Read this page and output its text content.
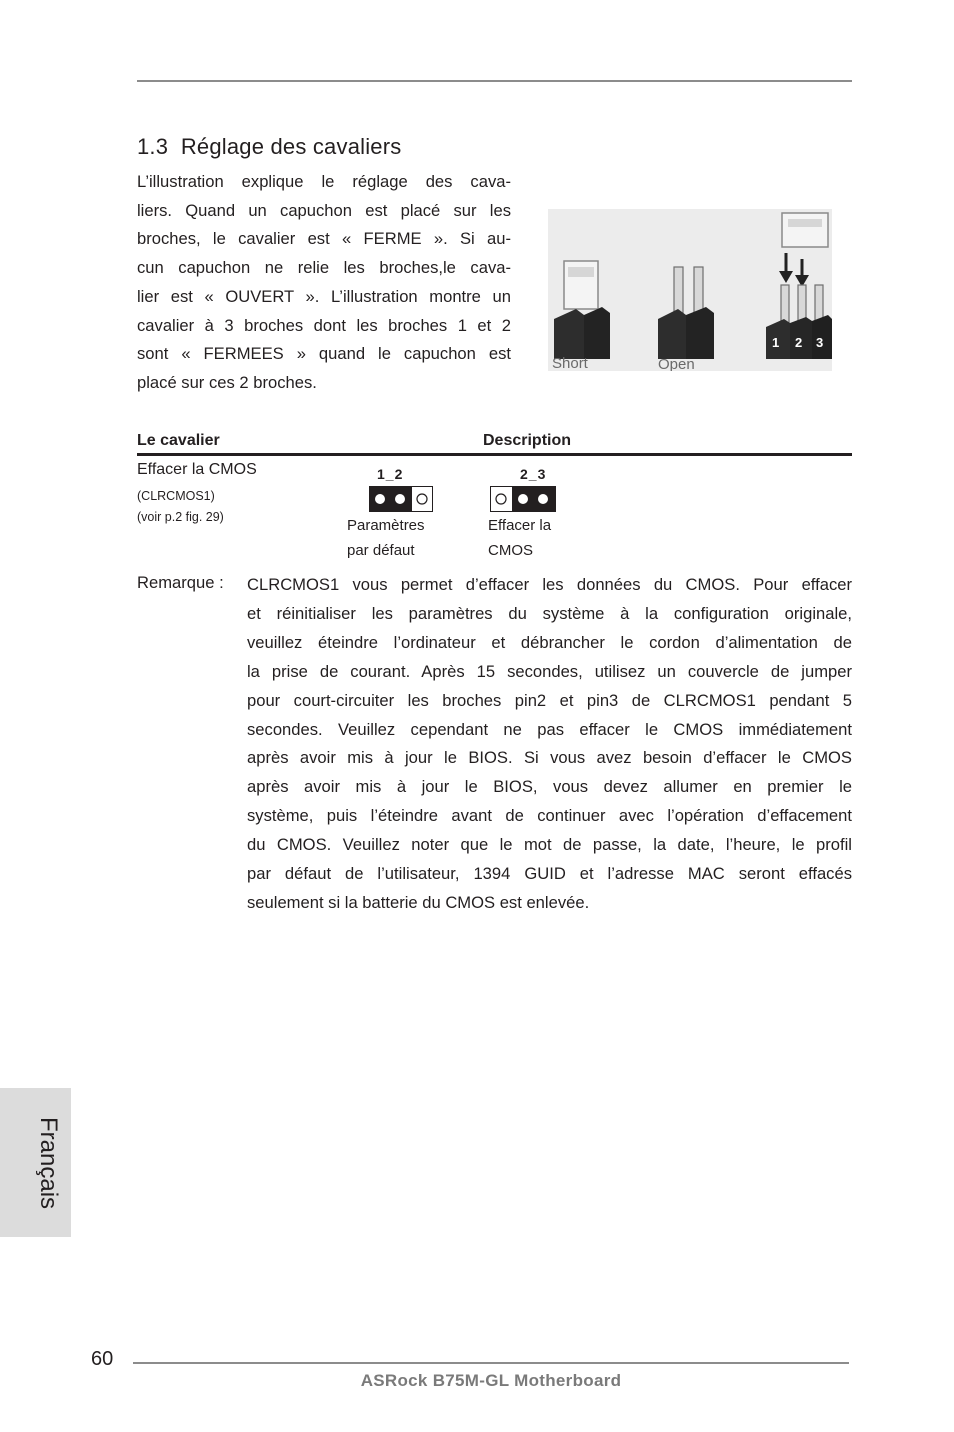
1.3 Réglage des cavaliers
L’illustration explique le réglage des cava-
liers. Quand un capuchon est placé sur les
broches, le cavalier est « FERME ». Si au-
cun capuchon ne relie les broches,le cava-
lier est « OUVERT ». L’illustration montre un
cavalier à 3 broches dont les broches 1 et 2
sont « FERMEES » quand le capuchon est
placé sur ces 2 broches.
1 2 3
Short	Open
Le cavalier	Description
Effacer la CMOS
(CLRCMOS1)
(voir p.2 fig. 29)
1_2
Paramètres
par défaut
2_3
Effacer la
CMOS
Remarque : CLRCMOS1 vous permet d’effacer les données du CMOS. Pour effacer
et réinitialiser les paramètres du système à la configuration originale,
veuillez éteindre l’ordinateur et débrancher le cordon d’alimentation de
la prise de courant. Après 15 secondes, utilisez un couvercle de jumper
pour court-circuiter les broches pin2 et pin3 de CLRCMOS1 pendant 5
secondes. Veuillez cependant ne pas effacer le CMOS immédiatement
après avoir mis à jour le BIOS. Si vous avez besoin d’effacer le CMOS
après avoir mis à jour le BIOS, vous devez allumer en premier le
système, puis l’éteindre avant de continuer avec l’opération d’effacement
du CMOS. Veuillez noter que le mot de passe, la date, l’heure, le profil
par défaut de l’utilisateur, 1394 GUID et l’adresse MAC seront effacés
seulement si la batterie du CMOS est enlevée.
Français
60
ASRock B75M-GL Motherboard
